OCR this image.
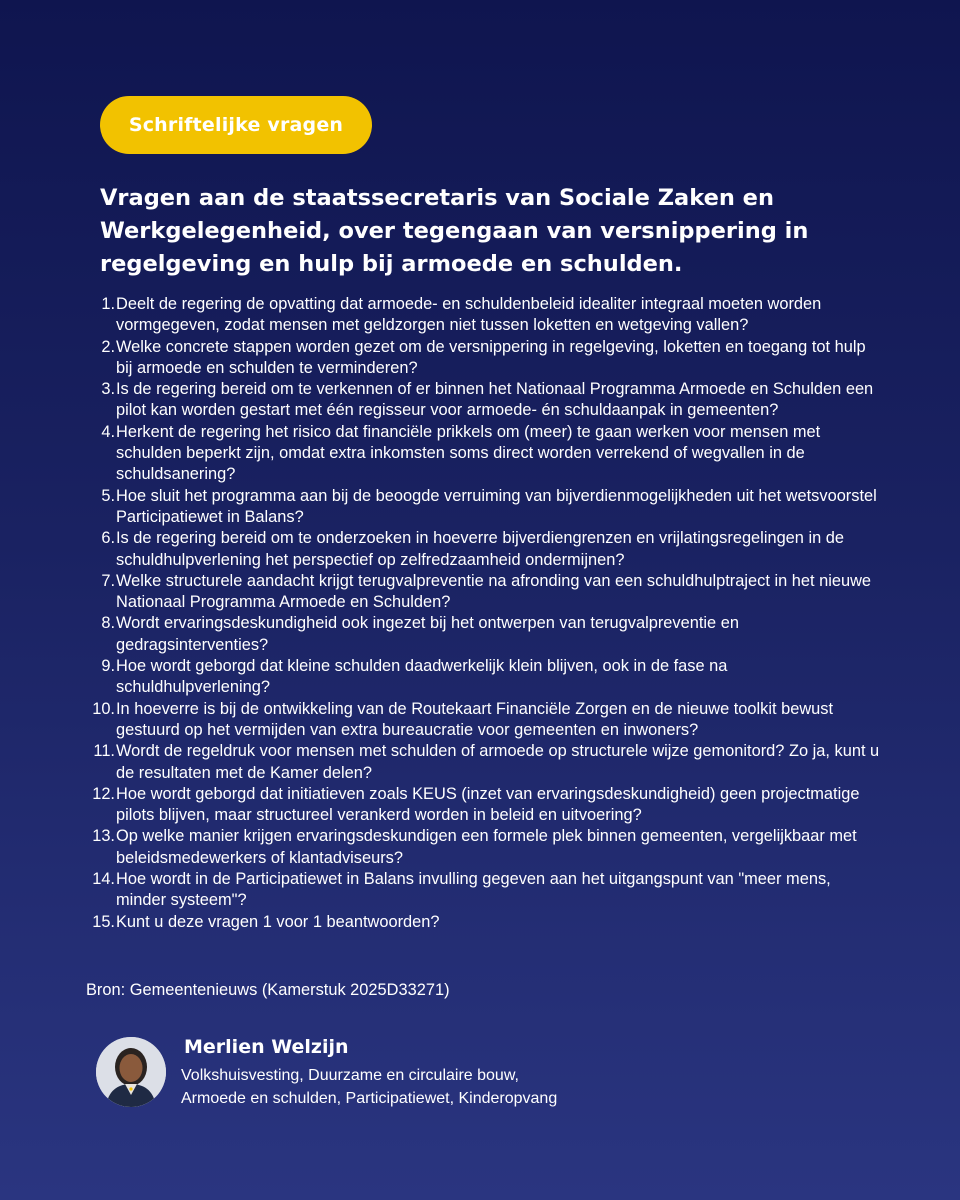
Schriftelijke vragen
Vragen aan de staatssecretaris van Sociale Zaken en Werkgelegenheid, over tegengaan van versnippering in regelgeving en hulp bij armoede en schulden.
1. Deelt de regering de opvatting dat armoede- en schuldenbeleid idealiter integraal moeten worden vormgegeven, zodat mensen met geldzorgen niet tussen loketten en wetgeving vallen?
2. Welke concrete stappen worden gezet om de versnippering in regelgeving, loketten en toegang tot hulp bij armoede en schulden te verminderen?
3. Is de regering bereid om te verkennen of er binnen het Nationaal Programma Armoede en Schulden een pilot kan worden gestart met één regisseur voor armoede- én schuldaanpak in gemeenten?
4. Herkent de regering het risico dat financiële prikkels om (meer) te gaan werken voor mensen met schulden beperkt zijn, omdat extra inkomsten soms direct worden verrekend of wegvallen in de schuldsanering?
5. Hoe sluit het programma aan bij de beoogde verruiming van bijverdienmogelijkheden uit het wetsvoorstel Participatiewet in Balans?
6. Is de regering bereid om te onderzoeken in hoeverre bijverdiengrenzen en vrijlatingsregelingen in de schuldhulpverlening het perspectief op zelfredzaamheid ondermijnen?
7. Welke structurele aandacht krijgt terugvalpreventie na afronding van een schuldhulptraject in het nieuwe Nationaal Programma Armoede en Schulden?
8. Wordt ervaringsdeskundigheid ook ingezet bij het ontwerpen van terugvalpreventie en gedragsinterventies?
9. Hoe wordt geborgd dat kleine schulden daadwerkelijk klein blijven, ook in de fase na schuldhulpverlening?
10. In hoeverre is bij de ontwikkeling van de Routekaart Financiële Zorgen en de nieuwe toolkit bewust gestuurd op het vermijden van extra bureaucratie voor gemeenten en inwoners?
11. Wordt de regeldruk voor mensen met schulden of armoede op structurele wijze gemonitord? Zo ja, kunt u de resultaten met de Kamer delen?
12. Hoe wordt geborgd dat initiatieven zoals KEUS (inzet van ervaringsdeskundigheid) geen projectmatige pilots blijven, maar structureel verankerd worden in beleid en uitvoering?
13. Op welke manier krijgen ervaringsdeskundigen een formele plek binnen gemeenten, vergelijkbaar met beleidsmedewerkers of klantadviseurs?
14. Hoe wordt in de Participatiewet in Balans invulling gegeven aan het uitgangspunt van "meer mens, minder systeem"?
15. Kunt u deze vragen 1 voor 1 beantwoorden?
Bron: Gemeentenieuws (Kamerstuk 2025D33271)
Merlien Welzijn
Volkshuisvesting, Duurzame en circulaire bouw,
Armoede en schulden, Participatiewet, Kinderopvang
